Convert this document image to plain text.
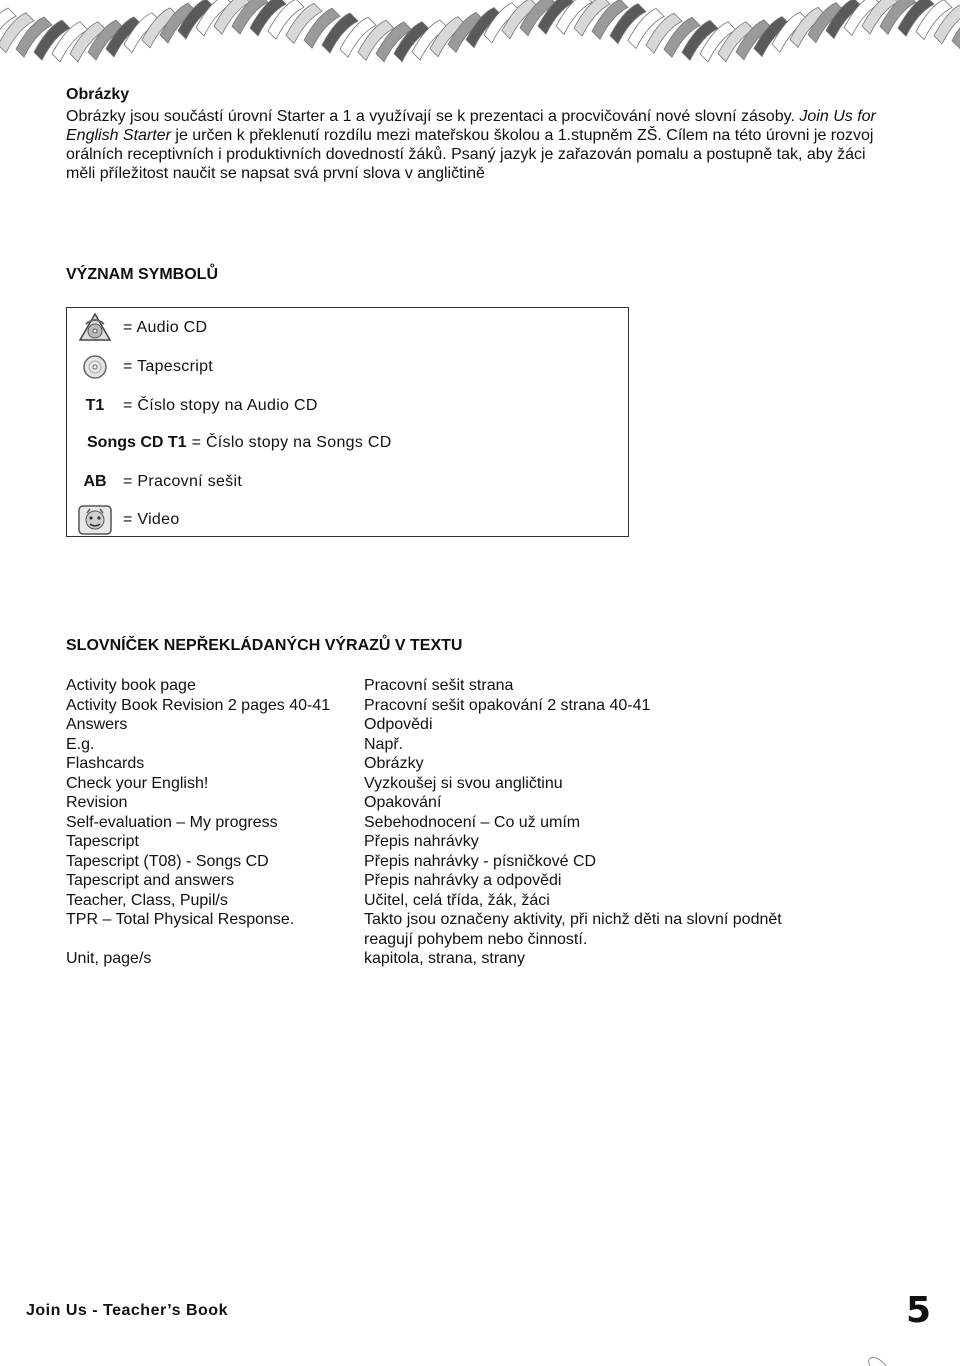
Obrázky

Obrázky jsou součástí úrovní Starter a 1 a využívají se k prezentaci a procvičování nové slovní zásoby. Join Us for English Starter je určen k překlenutí rozdílu mezi mateřskou školou a 1.stupněm ZŠ. Cílem na této úrovni je rozvoj orálních receptivních i produktivních dovedností žáků. Psaný jazyk je zařazován pomalu a postupně tak, aby žáci měli příležitost naučit se napsat svá první slova v angličtině
VÝZNAM SYMBOLŮ
= Audio CD
= Tapescript
T1	= Číslo stopy na Audio CD
Songs CD T1 = Číslo stopy na Songs CD
AB	= Pracovní sešit
= Video
SLOVNÍČEK NEPŘEKLÁDANÝCH VÝRAZŮ V TEXTU
Activity book page	Pracovní sešit strana
Activity Book Revision 2 pages 40-41	Pracovní sešit opakování 2 strana 40-41
Answers	Odpovědi
E.g.	Např.
Flashcards	Obrázky
Check your English!	Vyzkoušej si svou angličtinu
Revision	Opakování
Self-evaluation – My progress	Sebehodnocení – Co už umím
Tapescript	Přepis nahrávky
Tapescript (T08) - Songs CD	Přepis nahrávky - písničkové CD
Tapescript and answers	Přepis nahrávky a odpovědi
Teacher, Class, Pupil/s	Učitel, celá třída, žák, žáci
TPR – Total Physical Response.	Takto jsou označeny aktivity, při nichž děti na slovní podnět reagují pohybem nebo činností.
Unit, page/s	kapitola, strana, strany
Join Us - Teacher’s Book	5
